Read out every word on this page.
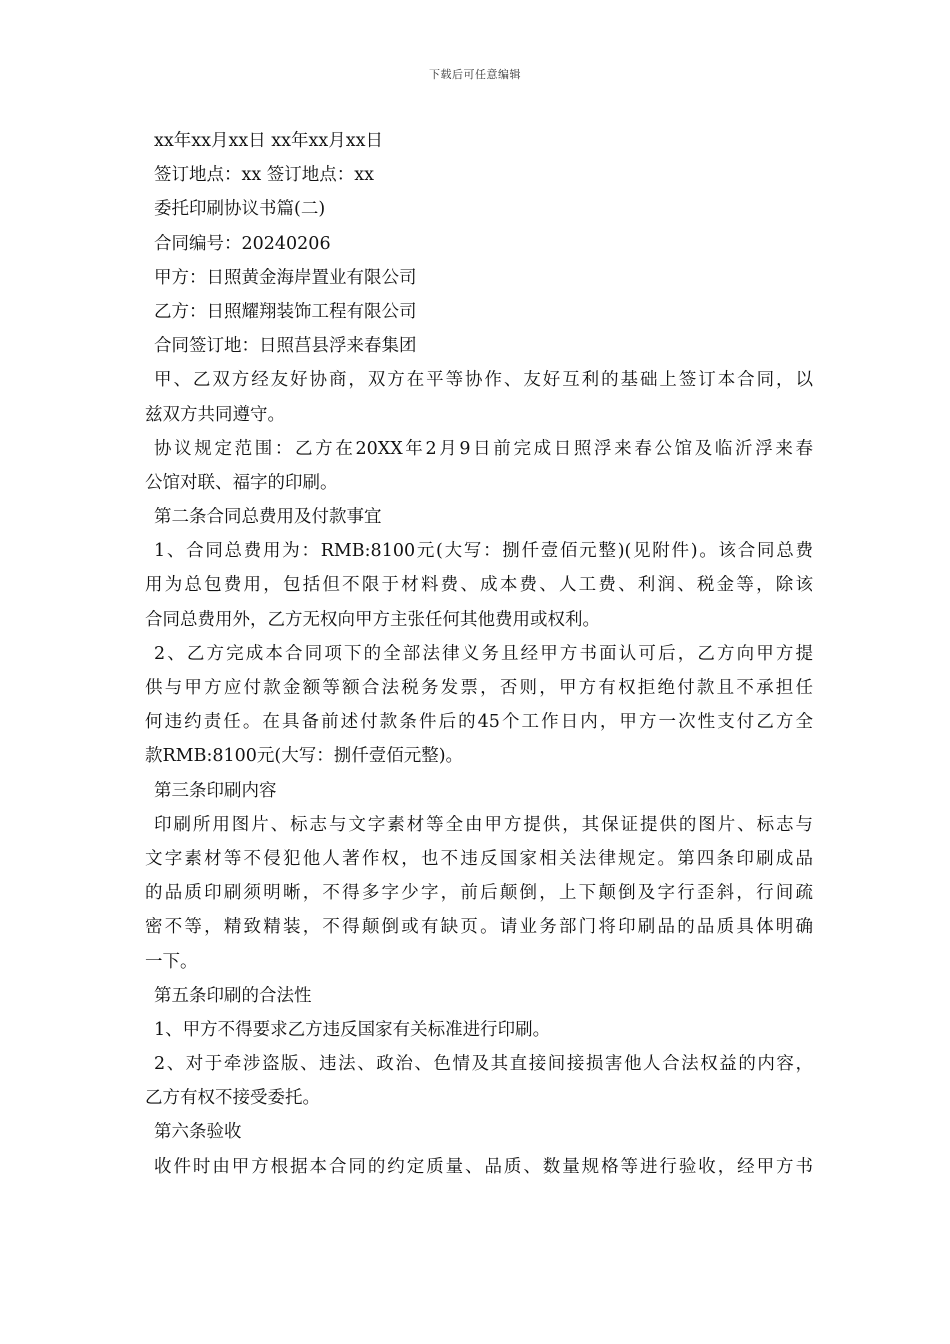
下载后可任意编辑
xx年xx月xx日 xx年xx月xx日
签订地点：xx 签订地点：xx
委托印刷协议书篇(二)
合同编号：20240206
甲方：日照黄金海岸置业有限公司
乙方：日照耀翔装饰工程有限公司
合同签订地：日照莒县浮来春集团
甲、乙双方经友好协商，双方在平等协作、友好互利的基础上签订本合同，以
兹双方共同遵守。
协议规定范围：乙方在20XX年2月9日前完成日照浮来春公馆及临沂浮来春
公馆对联、福字的印刷。
第二条合同总费用及付款事宜
1、合同总费用为：RMB:8100元(大写：捌仟壹佰元整)(见附件)。该合同总费
用为总包费用，包括但不限于材料费、成本费、人工费、利润、税金等，除该
合同总费用外，乙方无权向甲方主张任何其他费用或权利。
2、乙方完成本合同项下的全部法律义务且经甲方书面认可后，乙方向甲方提
供与甲方应付款金额等额合法税务发票，否则，甲方有权拒绝付款且不承担任
何违约责任。在具备前述付款条件后的45个工作日内，甲方一次性支付乙方全
款RMB:8100元(大写：捌仟壹佰元整)。
第三条印刷内容
印刷所用图片、标志与文字素材等全由甲方提供，其保证提供的图片、标志与
文字素材等不侵犯他人著作权，也不违反国家相关法律规定。第四条印刷成品
的品质印刷须明晰，不得多字少字，前后颠倒，上下颠倒及字行歪斜，行间疏
密不等，精致精装，不得颠倒或有缺页。请业务部门将印刷品的品质具体明确
一下。
第五条印刷的合法性
1、甲方不得要求乙方违反国家有关标准进行印刷。
2、对于牵涉盗版、违法、政治、色情及其直接间接损害他人合法权益的内容，
乙方有权不接受委托。
第六条验收
收件时由甲方根据本合同的约定质量、品质、数量规格等进行验收，经甲方书
